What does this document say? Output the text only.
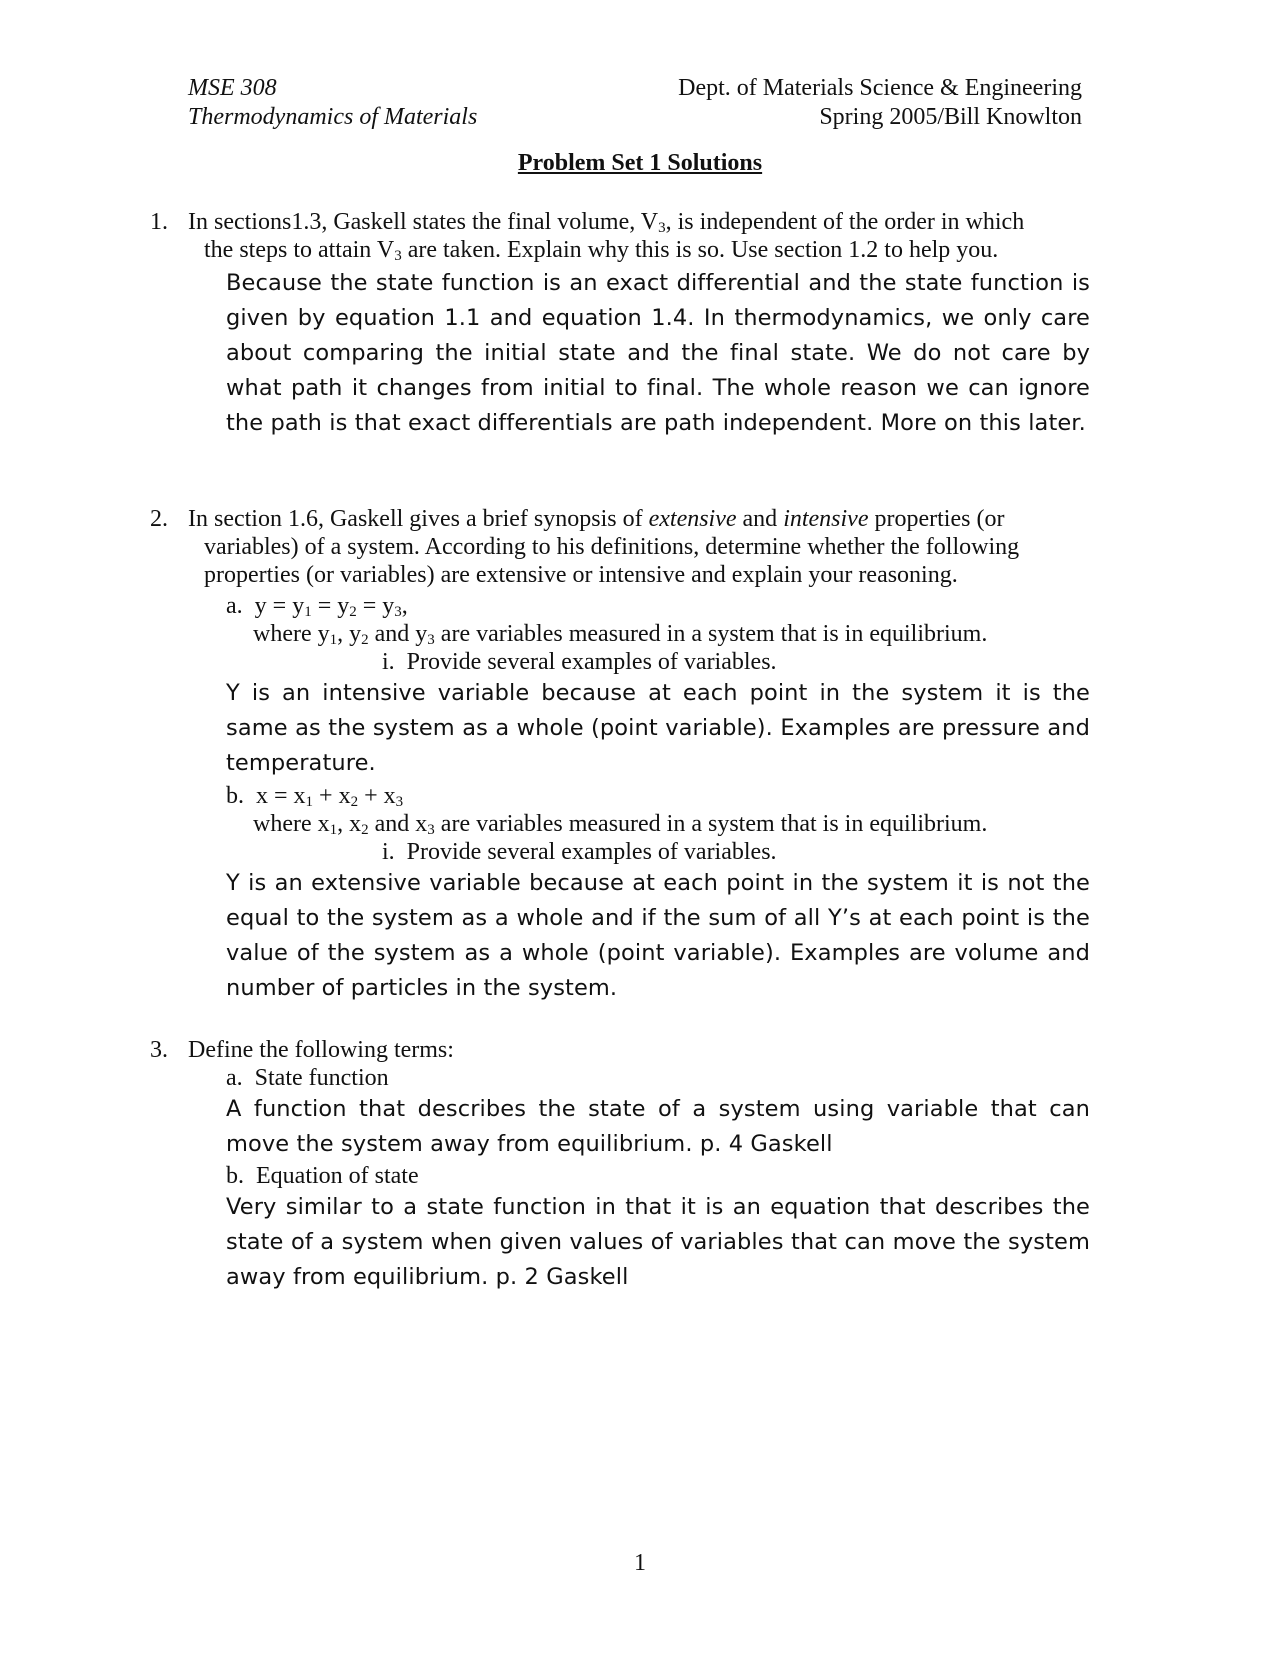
MSE 308
Thermodynamics of Materials
Dept. of Materials Science & Engineering
Spring 2005/Bill Knowlton
Problem Set 1 Solutions
1. In sections1.3, Gaskell states the final volume, $V_3$, is independent of the order in which
the steps to attain $V_3$ are taken. Explain why this is so. Use section 1.2 to help you.
Because the state function is an exact differential and the state function is given by equation 1.1 and equation 1.4. In thermodynamics, we only care about comparing the initial state and the final state. We do not care by what path it changes from initial to final. The whole reason we can ignore the path is that exact differentials are path independent. More on this later.
2. In section 1.6, Gaskell gives a brief synopsis of extensive and intensive properties (or
variables) of a system. According to his definitions, determine whether the following
properties (or variables) are extensive or intensive and explain your reasoning.
a. $y = y_1 = y_2 = y_3$,
where $y_1$, $y_2$ and $y_3$ are variables measured in a system that is in equilibrium.
i. Provide several examples of variables.
Y is an intensive variable because at each point in the system it is the same as the system as a whole (point variable). Examples are pressure and temperature.
b. $x = x_1 + x_2 + x_3$
where $x_1$, $x_2$ and $x_3$ are variables measured in a system that is in equilibrium.
i. Provide several examples of variables.
Y is an extensive variable because at each point in the system it is not the equal to the system as a whole and if the sum of all Y’s at each point is the value of the system as a whole (point variable). Examples are volume and number of particles in the system.
3. Define the following terms:
a. State function
A function that describes the state of a system using variable that can move the system away from equilibrium. p. 4 Gaskell
b. Equation of state
Very similar to a state function in that it is an equation that describes the state of a system when given values of variables that can move the system away from equilibrium. p. 2 Gaskell
1
